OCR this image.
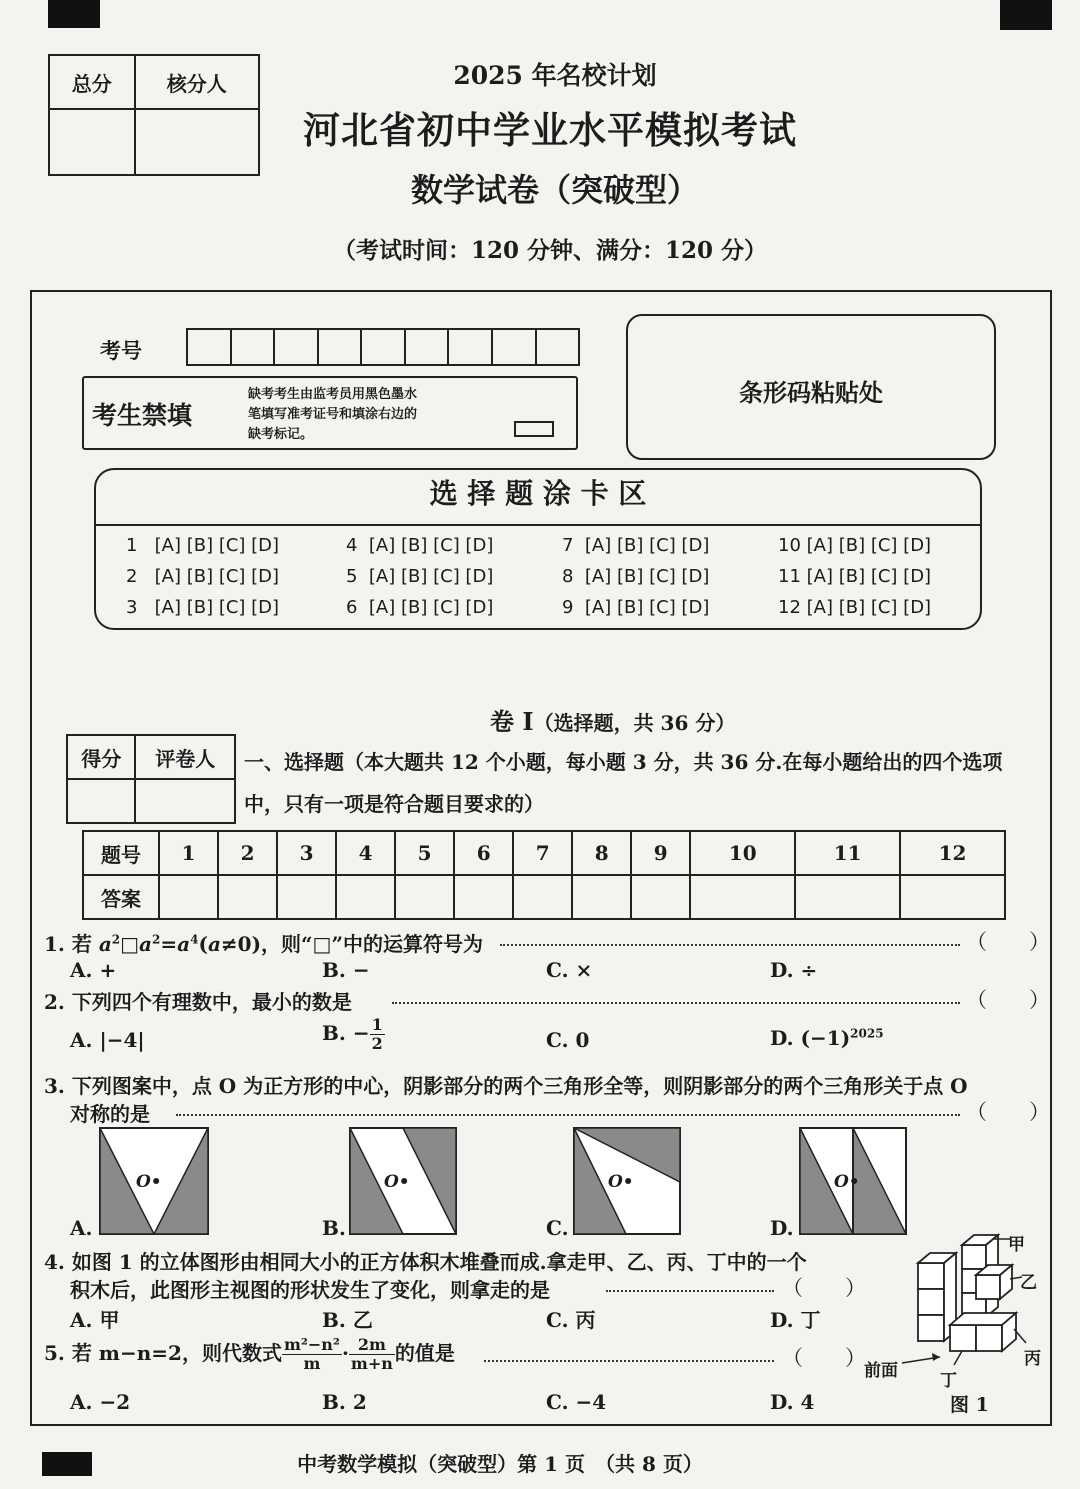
总分	核分人
		2025 年名校计划
河北省初中学业水平模拟考试
数学试卷（突破型）
（考试时间：120 分钟、满分：120 分）
考号
考生禁填
缺考考生由监考员用黑色墨水
笔填写准考证号和填涂右边的
缺考标记。
条形码粘贴处
选 择 题 涂 卡 区
1 [A] [B] [C] [D]
2 [A] [B] [C] [D]
3 [A] [B] [C] [D]
4 [A] [B] [C] [D]
5 [A] [B] [C] [D]
6 [A] [B] [C] [D]
7 [A] [B] [C] [D]
8 [A] [B] [C] [D]
9 [A] [B] [C] [D]
10 [A] [B] [C] [D]
11 [A] [B] [C] [D]
12 [A] [B] [C] [D]
卷 Ⅰ（选择题，共 36 分）
得分	评卷人
	一、选择题（本大题共 12 个小题，每小题 3 分，共 36 分.在每小题给出的四个选项
中，只有一项是符合题目要求的）
题号	1	2	3	4	5	6	7	8	9	10	11	12
答案												
1. 若 $a^2□a^2=a^4(a\ne 0)$，则“□”中的运算符号为	（　　）
A. +	B. −	C. ×	D. ÷
2. 下列四个有理数中，最小的数是	（　　）
A. |−4|	B. − $\frac{1}{2}$	C. 0	D. $(-1)^{2025}$
3. 下列图案中，点 O 为正方形的中心，阴影部分的两个三角形全等，则阴影部分的两个三角形关于点 O
对称的是	（　　）
O•	O•	O•	O•
A.	B.	C.	D.
4. 如图 1 的立体图形由相同大小的正方体积木堆叠而成.拿走甲、乙、丙、丁中的一个
积木后，此图形主视图的形状发生了变化，则拿走的是	（　　）
A. 甲	B. 乙	C. 丙	D. 丁
5. 若 m−n=2，则代数式 $\frac{\text{m²−n²}}{m} \cdot \frac{2m}{m+n}$ 的值是	（　　）
A. −2	B. 2	C. −4	D. 4
甲
乙
丙
丁
前面
图 1
中考数学模拟（突破型）第 1 页　（共 8 页）
